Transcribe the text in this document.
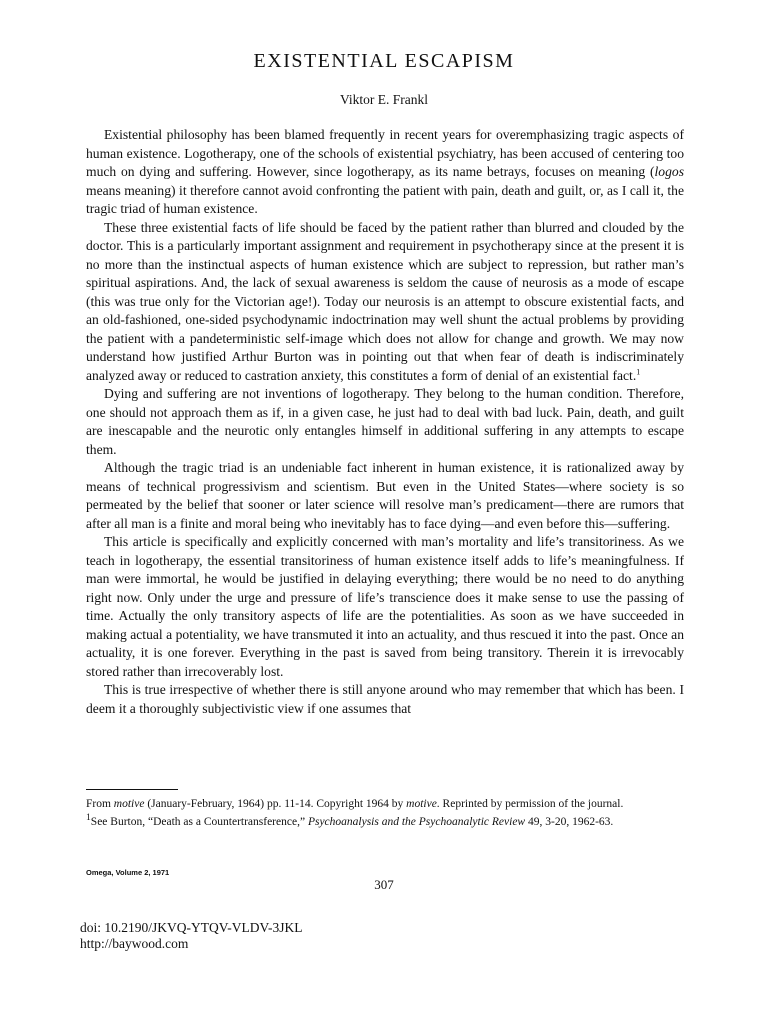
EXISTENTIAL ESCAPISM
Viktor E. Frankl

Existential philosophy has been blamed frequently in recent years for overemphasizing tragic aspects of human existence. Logotherapy, one of the schools of existential psychiatry, has been accused of centering too much on dying and suffering. However, since logotherapy, as its name betrays, focuses on meaning (logos means meaning) it therefore cannot avoid confronting the patient with pain, death and guilt, or, as I call it, the tragic triad of human existence.

These three existential facts of life should be faced by the patient rather than blurred and clouded by the doctor. This is a particularly important assignment and requirement in psychotherapy since at the present it is no more than the instinctual aspects of human existence which are subject to repression, but rather man’s spiritual aspirations. And, the lack of sexual awareness is seldom the cause of neurosis as a mode of escape (this was true only for the Victorian age!). Today our neurosis is an attempt to obscure existential facts, and an old-fashioned, one-sided psychodynamic indoctrination may well shunt the actual problems by providing the patient with a pandeterministic self-image which does not allow for change and growth. We may now understand how justified Arthur Burton was in pointing out that when fear of death is indiscriminately analyzed away or reduced to castration anxiety, this constitutes a form of denial of an existential fact.$^1$

Dying and suffering are not inventions of logotherapy. They belong to the human condition. Therefore, one should not approach them as if, in a given case, he just had to deal with bad luck. Pain, death, and guilt are inescapable and the neurotic only entangles himself in additional suffering in any attempts to escape them.

Although the tragic triad is an undeniable fact inherent in human existence, it is rationalized away by means of technical progressivism and scientism. But even in the United States—where society is so permeated by the belief that sooner or later science will resolve man’s predicament—there are rumors that after all man is a finite and moral being who inevitably has to face dying—and even before this—suffering.

This article is specifically and explicitly concerned with man’s mortality and life’s transitoriness. As we teach in logotherapy, the essential transitoriness of human existence itself adds to life’s meaningfulness. If man were immortal, he would be justified in delaying everything; there would be no need to do anything right now. Only under the urge and pressure of life’s transcience does it make sense to use the passing of time. Actually the only transitory aspects of life are the potentialities. As soon as we have succeeded in making actual a potentiality, we have transmuted it into an actuality, and thus rescued it into the past. Once an actuality, it is one forever. Everything in the past is saved from being transitory. Therein it is irrevocably stored rather than irrecoverably lost.

This is true irrespective of whether there is still anyone around who may remember that which has been. I deem it a thoroughly subjectivistic view if one assumes that

From motive (January-February, 1964) pp. 11-14. Copyright 1964 by motive. Reprinted by permission of the journal.

$^1$See Burton, “Death as a Countertransference,” Psychoanalysis and the Psychoanalytic Review 49, 3-20, 1962-63.

Omega, Volume 2, 1971
307
doi: 10.2190/JKVQ-YTQV-VLDV-3JKL
http://baywood.com
